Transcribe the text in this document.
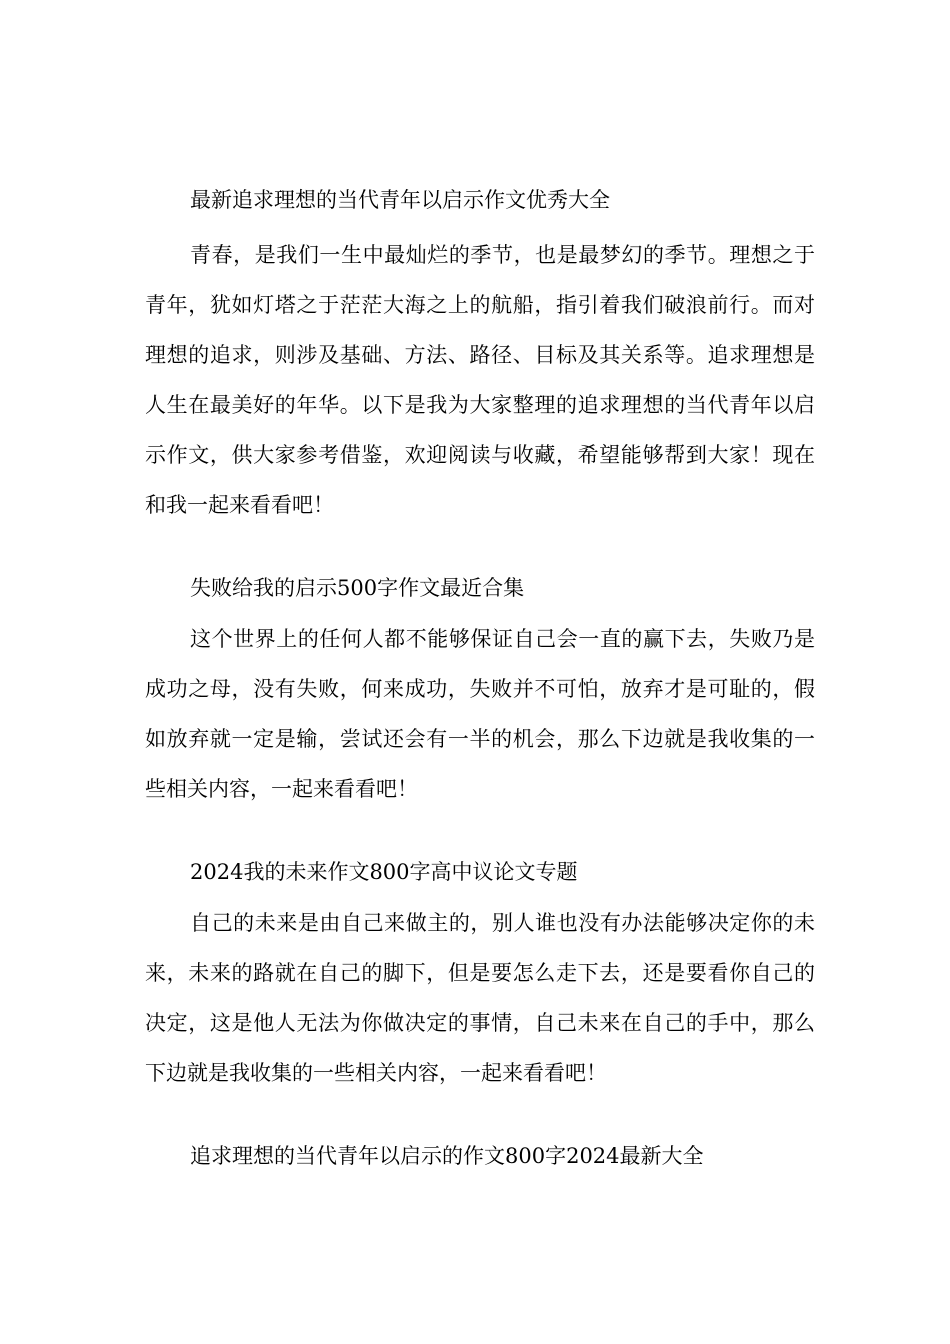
最新追求理想的当代青年以启示作文优秀大全

青春，是我们一生中最灿烂的季节，也是最梦幻的季节。理想之于青年，犹如灯塔之于茫茫大海之上的航船，指引着我们破浪前行。而对理想的追求，则涉及基础、方法、路径、目标及其关系等。追求理想是人生在最美好的年华。以下是我为大家整理的追求理想的当代青年以启示作文，供大家参考借鉴，欢迎阅读与收藏，希望能够帮到大家！现在和我一起来看看吧！

失败给我的启示500字作文最近合集

这个世界上的任何人都不能够保证自己会一直的赢下去，失败乃是成功之母，没有失败，何来成功，失败并不可怕，放弃才是可耻的，假如放弃就一定是输，尝试还会有一半的机会，那么下边就是我收集的一些相关内容，一起来看看吧！

2024我的未来作文800字高中议论文专题

自己的未来是由自己来做主的，别人谁也没有办法能够决定你的未来，未来的路就在自己的脚下，但是要怎么走下去，还是要看你自己的决定，这是他人无法为你做决定的事情，自己未来在自己的手中，那么下边就是我收集的一些相关内容，一起来看看吧！

追求理想的当代青年以启示的作文800字2024最新大全
